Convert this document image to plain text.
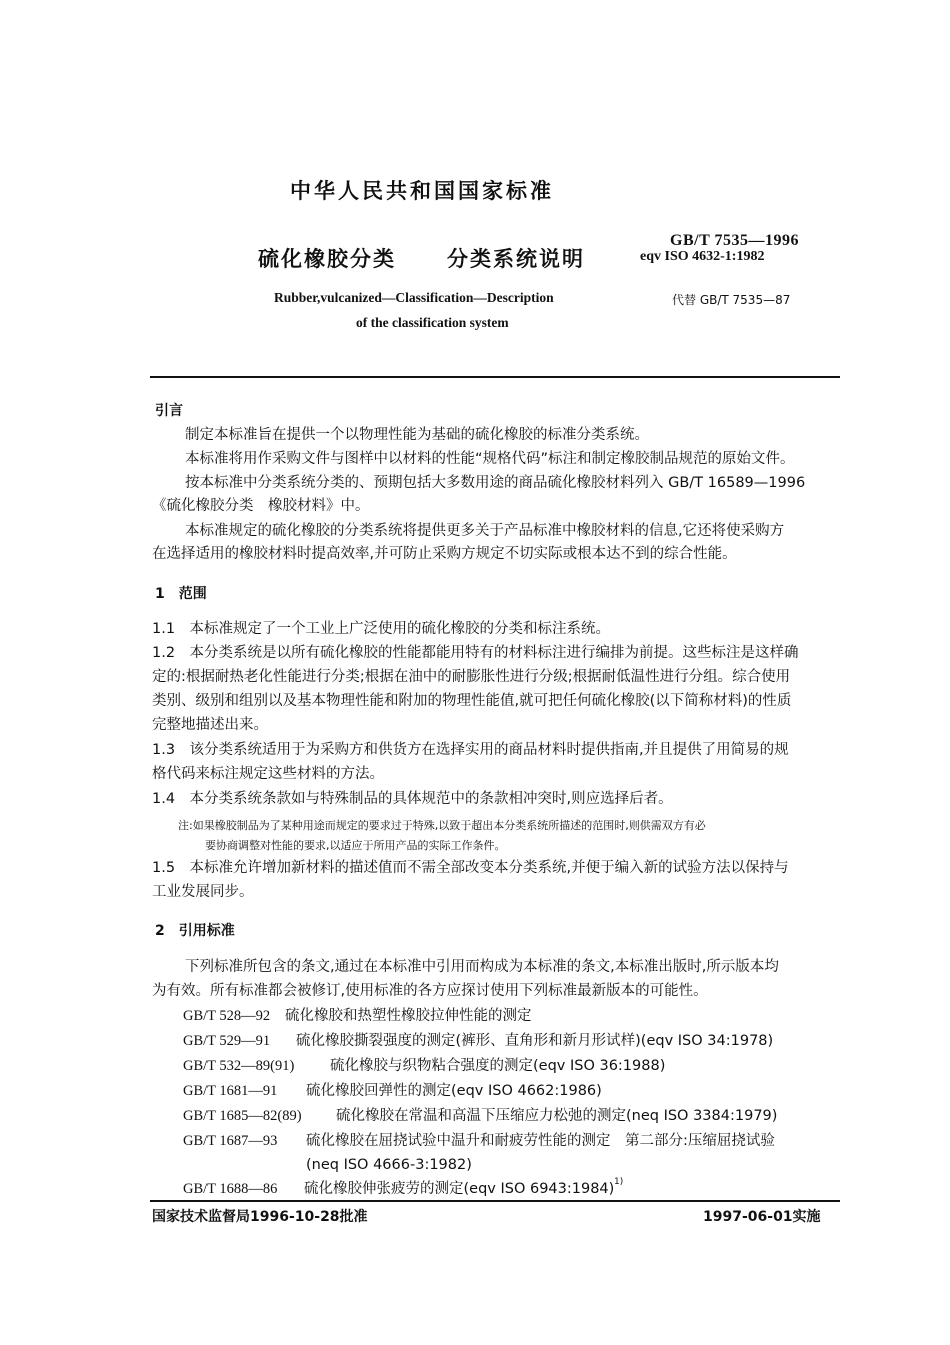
中华人民共和国国家标准
硫化橡胶分类 分类系统说明
GB/T 7535—1996
eqv ISO 4632-1:1982
Rubber,vulcanized—Classification—Description
of the classification system
代替 GB/T 7535—87
引言
制定本标准旨在提供一个以物理性能为基础的硫化橡胶的标准分类系统。
本标准将用作采购文件与图样中以材料的性能“规格代码”标注和制定橡胶制品规范的原始文件。
按本标准中分类系统分类的、预期包括大多数用途的商品硫化橡胶材料列入 GB/T 16589—1996
《硫化橡胶分类　橡胶材料》中。
本标准规定的硫化橡胶的分类系统将提供更多关于产品标准中橡胶材料的信息,它还将使采购方
在选择适用的橡胶材料时提高效率,并可防止采购方规定不切实际或根本达不到的综合性能。
1　范围
1.1　本标准规定了一个工业上广泛使用的硫化橡胶的分类和标注系统。
1.2　本分类系统是以所有硫化橡胶的性能都能用特有的材料标注进行编排为前提。这些标注是这样确
定的:根据耐热老化性能进行分类;根据在油中的耐膨胀性进行分级;根据耐低温性进行分组。综合使用
类别、级别和组别以及基本物理性能和附加的物理性能值,就可把任何硫化橡胶(以下简称材料)的性质
完整地描述出来。
1.3　该分类系统适用于为采购方和供货方在选择实用的商品材料时提供指南,并且提供了用简易的规
格代码来标注规定这些材料的方法。
1.4　本分类系统条款如与特殊制品的具体规范中的条款相冲突时,则应选择后者。
注:如果橡胶制品为了某种用途而规定的要求过于特殊,以致于超出本分类系统所描述的范围时,则供需双方有必
要协商调整对性能的要求,以适应于所用产品的实际工作条件。
1.5　本标准允许增加新材料的描述值而不需全部改变本分类系统,并便于编入新的试验方法以保持与
工业发展同步。
2　引用标准
下列标准所包含的条文,通过在本标准中引用而构成为本标准的条文,本标准出版时,所示版本均
为有效。所有标准都会被修订,使用标准的各方应探讨使用下列标准最新版本的可能性。
GB/T 528—92 硫化橡胶和热塑性橡胶拉伸性能的测定
GB/T 529—91 硫化橡胶撕裂强度的测定(裤形、直角形和新月形试样)(eqv ISO 34:1978)
GB/T 532—89(91) 硫化橡胶与织物粘合强度的测定(eqv ISO 36:1988)
GB/T 1681—91 硫化橡胶回弹性的测定(eqv ISO 4662:1986)
GB/T 1685—82(89) 硫化橡胶在常温和高温下压缩应力松弛的测定(neq ISO 3384:1979)
GB/T 1687—93 硫化橡胶在屈挠试验中温升和耐疲劳性能的测定　第二部分:压缩屈挠试验
(neq ISO 4666-3:1982)
GB/T 1688—86 硫化橡胶伸张疲劳的测定(eqv ISO 6943:1984) 1)
国家技术监督局1996-10-28批准	1997-06-01实施
